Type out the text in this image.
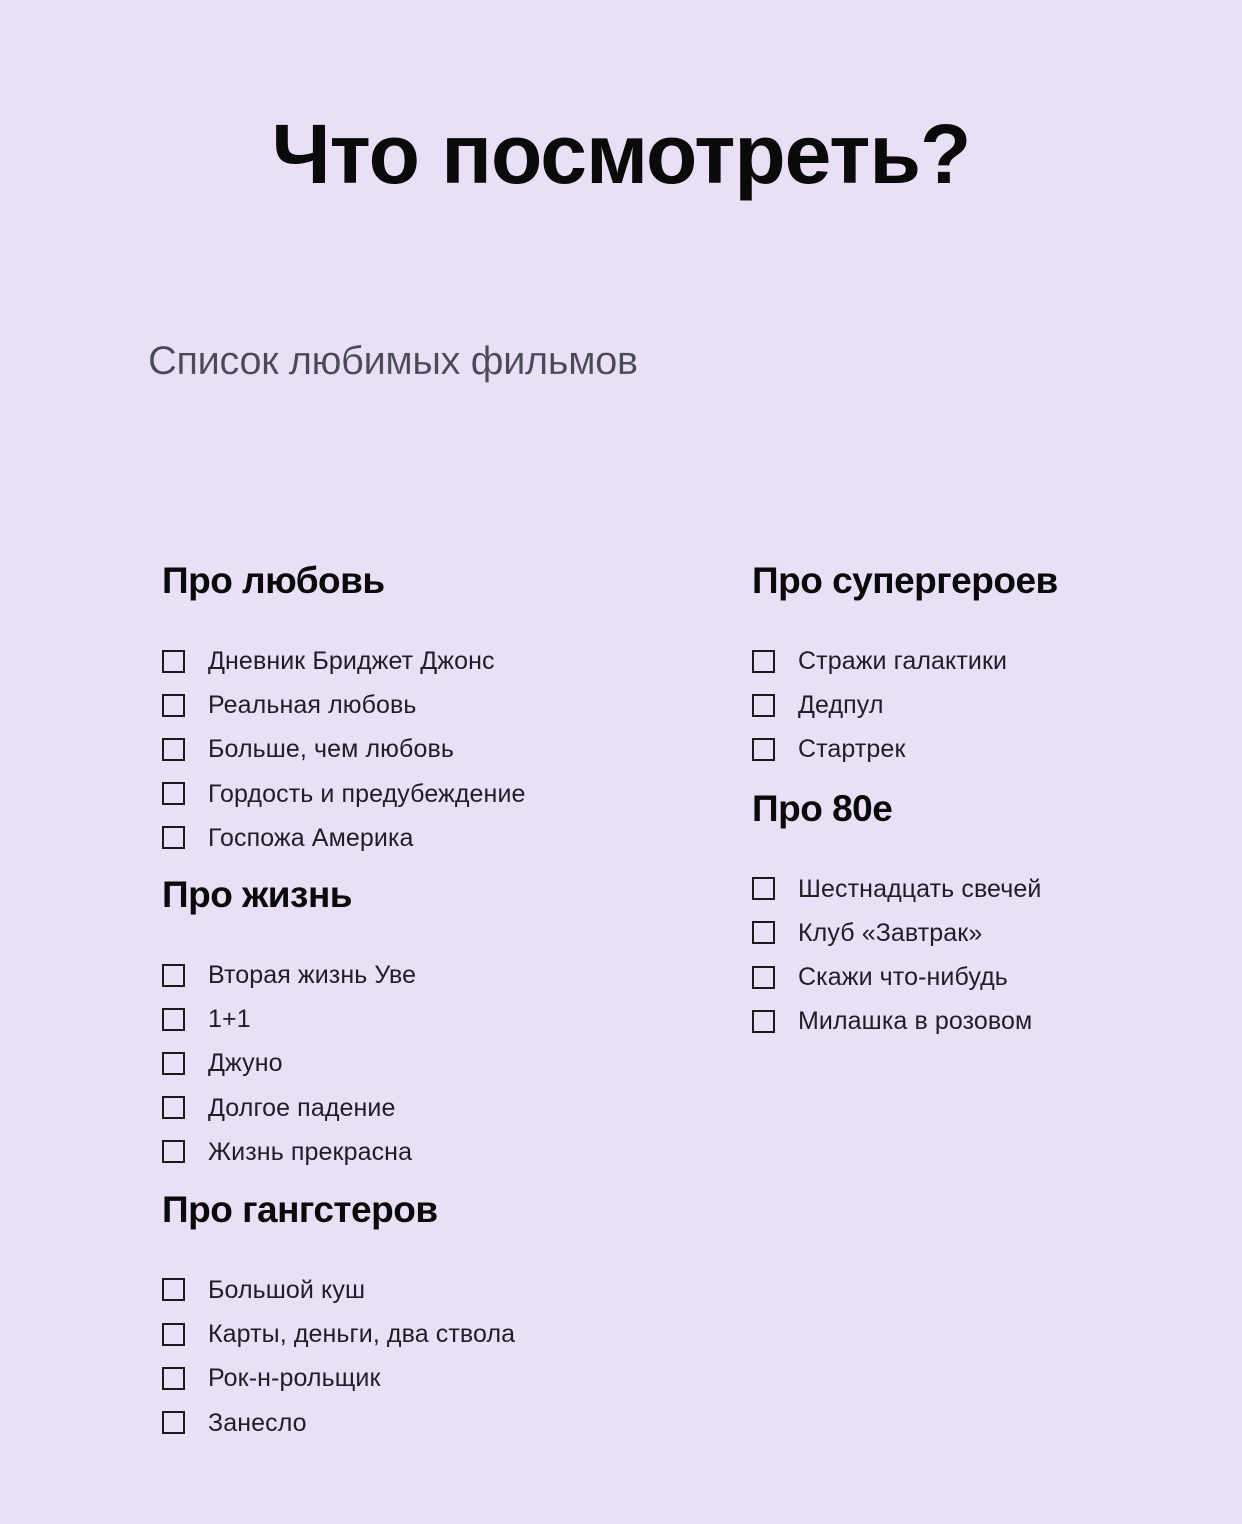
Что посмотреть?
Список любимых фильмов
Про любовь
Дневник Бриджет Джонс
Реальная любовь
Больше, чем любовь
Гордость и предубеждение
Госпожа Америка
Про жизнь
Вторая жизнь Уве
1+1
Джуно
Долгое падение
Жизнь прекрасна
Про гангстеров
Большой куш
Карты, деньги, два ствола
Рок-н-рольщик
Занесло
Про супергероев
Стражи галактики
Дедпул
Стартрек
Про 80е
Шестнадцать свечей
Клуб «Завтрак»
Скажи что-нибудь
Милашка в розовом
